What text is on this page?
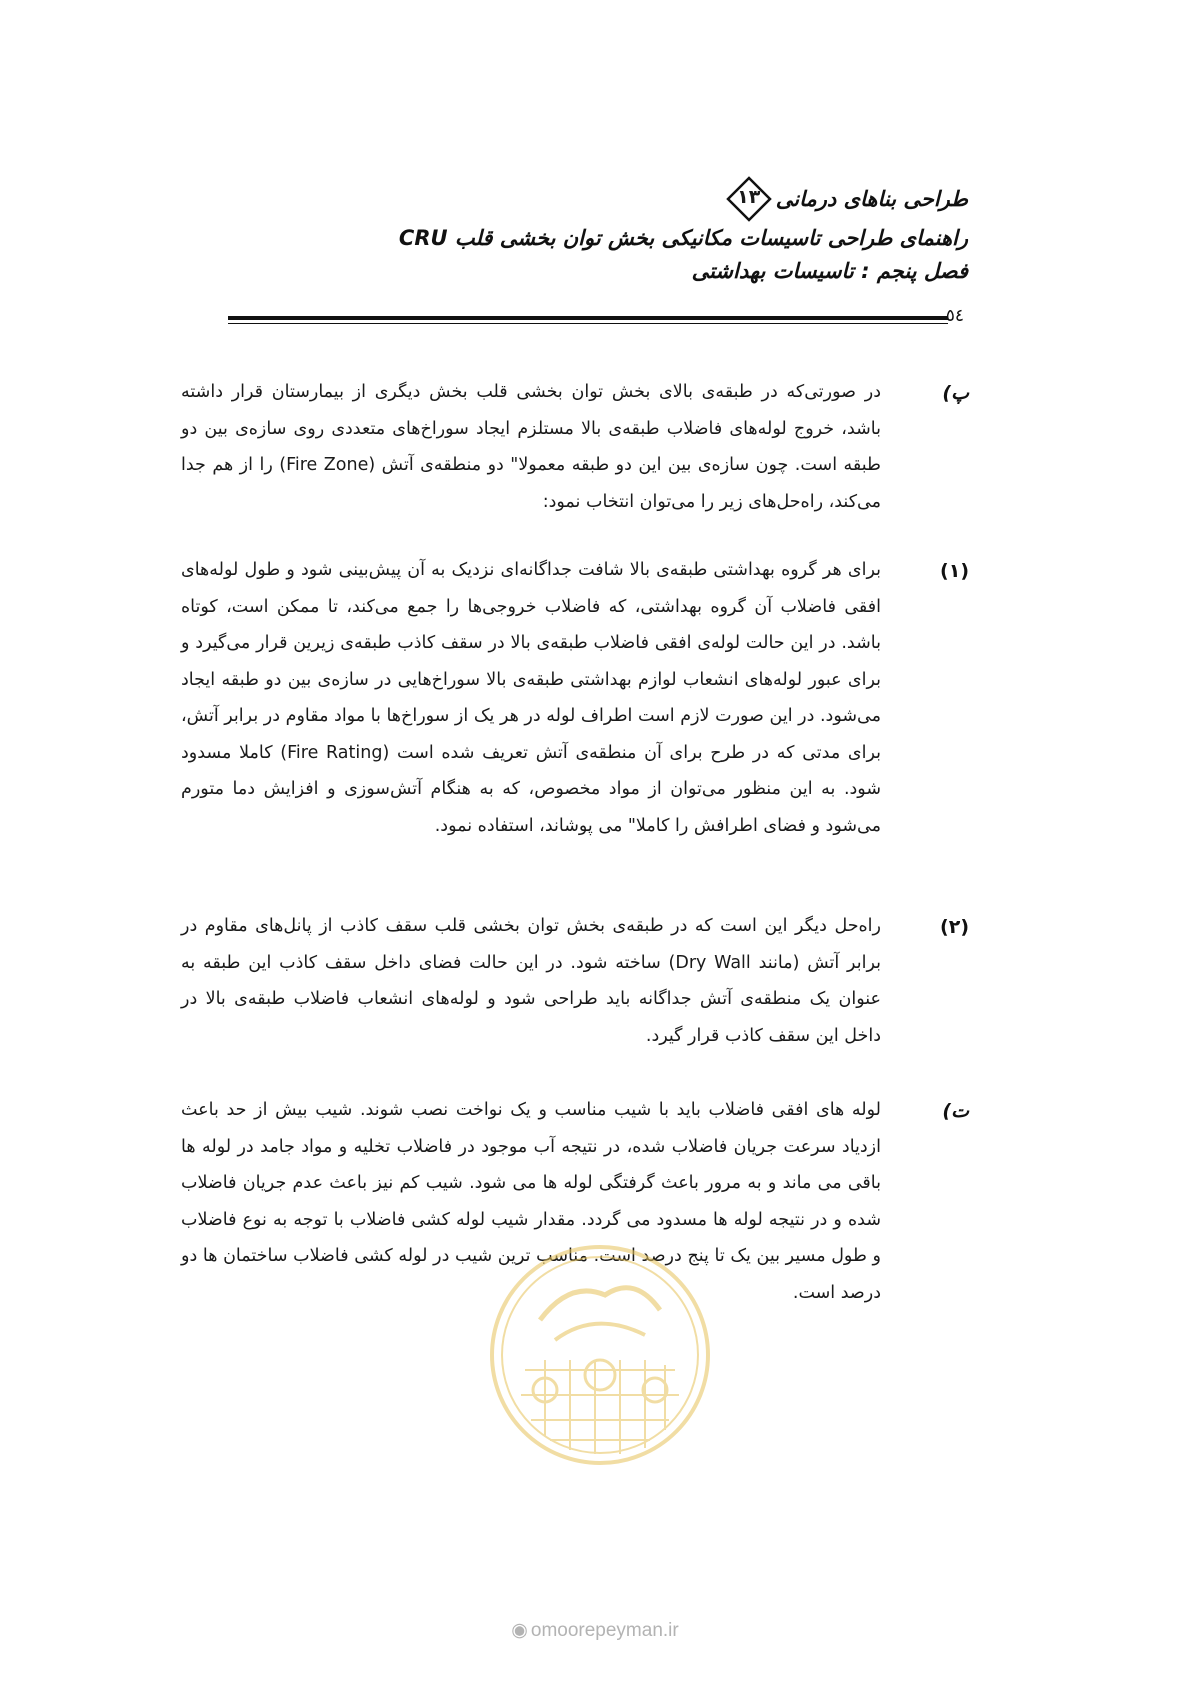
طراحی بناهای درمانی
۱۳
راهنمای طراحی تاسیسات مکانیکی بخش توان بخشی قلب CRU
فصل پنجم : تاسیسات بهداشتی
٥٤
پ)

در صورتی‌که در طبقه‌ی بالای بخش توان بخشی قلب بخش دیگری از بیمارستان قرار داشته باشد، خروج لوله‌های فاضلاب طبقه‌ی بالا مستلزم ایجاد سوراخ‌های متعددی روی سازه‌ی بین دو طبقه است. چون سازه‌ی بین این دو طبقه معمولا" دو منطقه‌ی آتش (Fire Zone) را از هم جدا می‌کند، راه‌حل‌های زیر را می‌توان انتخاب نمود:

(۱)

برای هر گروه بهداشتی طبقه‌ی بالا شافت جداگانه‌ای نزدیک به آن پیش‌بینی شود و طول لوله‌های افقی فاضلاب آن گروه بهداشتی، که فاضلاب خروجی‌ها را جمع می‌کند، تا ممکن است، کوتاه باشد. در این حالت لوله‌ی افقی فاضلاب طبقه‌ی بالا در سقف کاذب طبقه‌ی زیرین قرار می‌گیرد و برای عبور لوله‌های انشعاب لوازم بهداشتی طبقه‌ی بالا سوراخ‌هایی در سازه‌ی بین دو طبقه ایجاد می‌شود. در این صورت لازم است اطراف لوله در هر یک از سوراخ‌ها با مواد مقاوم در برابر آتش، برای مدتی که در طرح برای آن منطقه‌ی آتش تعریف شده است (Fire Rating) کاملا مسدود شود. به این منظور می‌توان از مواد مخصوص، که به هنگام آتش‌سوزی و افزایش دما متورم می‌شود و فضای اطرافش را کاملا" می پوشاند، استفاده نمود.

(۲)

راه‌حل دیگر این است که در طبقه‌ی بخش توان بخشی قلب سقف کاذب از پانل‌های مقاوم در برابر آتش (مانند Dry Wall) ساخته شود. در این حالت فضای داخل سقف کاذب این طبقه به عنوان یک منطقه‌ی آتش جداگانه باید طراحی شود و لوله‌های انشعاب فاضلاب طبقه‌ی بالا در داخل این سقف کاذب قرار گیرد.

ت)

لوله های افقی فاضلاب باید با شیب مناسب و یک نواخت نصب شوند. شیب بیش از حد باعث ازدیاد سرعت جریان فاضلاب شده، در نتیجه آب موجود در فاضلاب تخلیه و مواد جامد در لوله ها باقی می ماند و به مرور باعث گرفتگی لوله ها می شود. شیب کم نیز باعث عدم جریان فاضلاب شده و در نتیجه لوله ها مسدود می گردد. مقدار شیب لوله کشی فاضلاب با توجه به نوع فاضلاب و طول مسیر بین یک تا پنج درصد است. مناسب ترین شیب در لوله کشی فاضلاب ساختمان ها دو درصد است.

◉ omoorepeyman.ir
